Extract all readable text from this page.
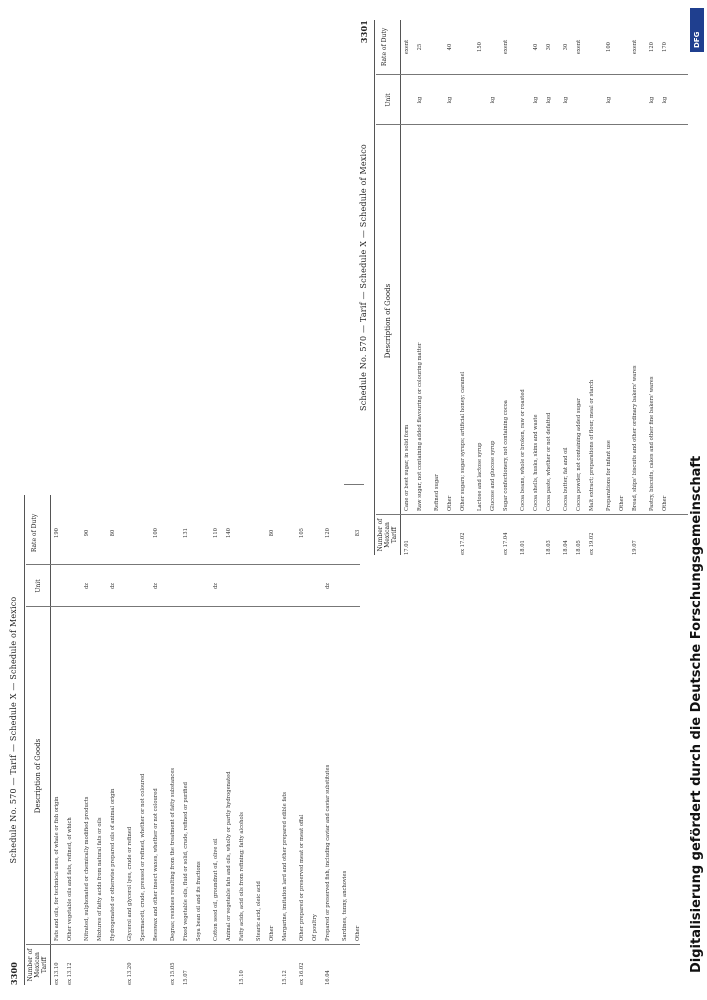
3300
Schedule No. 570 — Tarif — Schedule X — Schedule of Mexico
Number of Mexican Tariff
Description of Goods
Unit
Rate of Duty
ex 13.10
Fats and oils, for technical uses, of whale or fish origin
190
ex 13.12
Other vegetable oils and fats, refined, of which Nitrated, sulphonated or chemically modified products
dz
90
Mixtures of fatty acids from natural fats or oils Hydrogenated or otherwise prepared oils of animal origin
dz
80
ex 13.20
Glycerol and glycerol lyes, crude or refined Spermaceti, crude, pressed or refined, whether or not coloured Beeswax and other insect waxes, whether or not coloured
dz
100
ex 15.05
Degras; residues resulting from the treatment of fatty substances
15.07
Fixed vegetable oils, fluid or solid, crude, refined or purified
131
Soya bean oil and its fractions Cotton seed oil, groundnut oil, olive oil
dz
110
Animal or vegetable fats and oils, wholly or partly hydrogenated
140
15.10
Fatty acids, acid oils from refining; fatty alcohols Stearic acid, oleic acid Other
80
15.12
Margarine, imitation lard and other prepared edible fats
ex 16.02
Other prepared or preserved meat or meat offal
105
Of poultry
16.04
Prepared or preserved fish, including caviar and caviar substitutes
dz
120
Sardines, tunny, anchovies Other
83
Schedule No. 570 — Tarif — Schedule X — Schedule of Mexico
3301
Number of Mexican Tariff
Description of Goods
Unit
Rate of Duty
17.01
Cane or beet sugar, in solid form
exent
Raw sugar, not containing added flavouring or colouring matter
kg
25
Refined sugar Other
kg
40
ex 17.02
Other sugars; sugar syrups; artificial honey; caramel Lactose and lactose syrup
150
Glucose and glucose syrup
kg
ex 17.04
Sugar confectionery, not containing cocoa
exent
18.01
Cocoa beans, whole or broken, raw or roasted Cocoa shells, husks, skins and waste
kg
40
18.03
Cocoa paste, whether or not defatted
kg
30
18.04
Cocoa butter, fat and oil
kg
30
18.05
Cocoa powder, not containing added sugar
exent
ex 19.02
Malt extract; preparations of flour, meal or starch Preparations for infant use
kg
100
Other
19.07
Bread, ships' biscuits and other ordinary bakers' wares
exent
Pastry, biscuits, cakes and other fine bakers' wares
kg
120
Other
kg
170	DFG
Digitalisierung gefördert durch die Deutsche Forschungsgemeinschaft
